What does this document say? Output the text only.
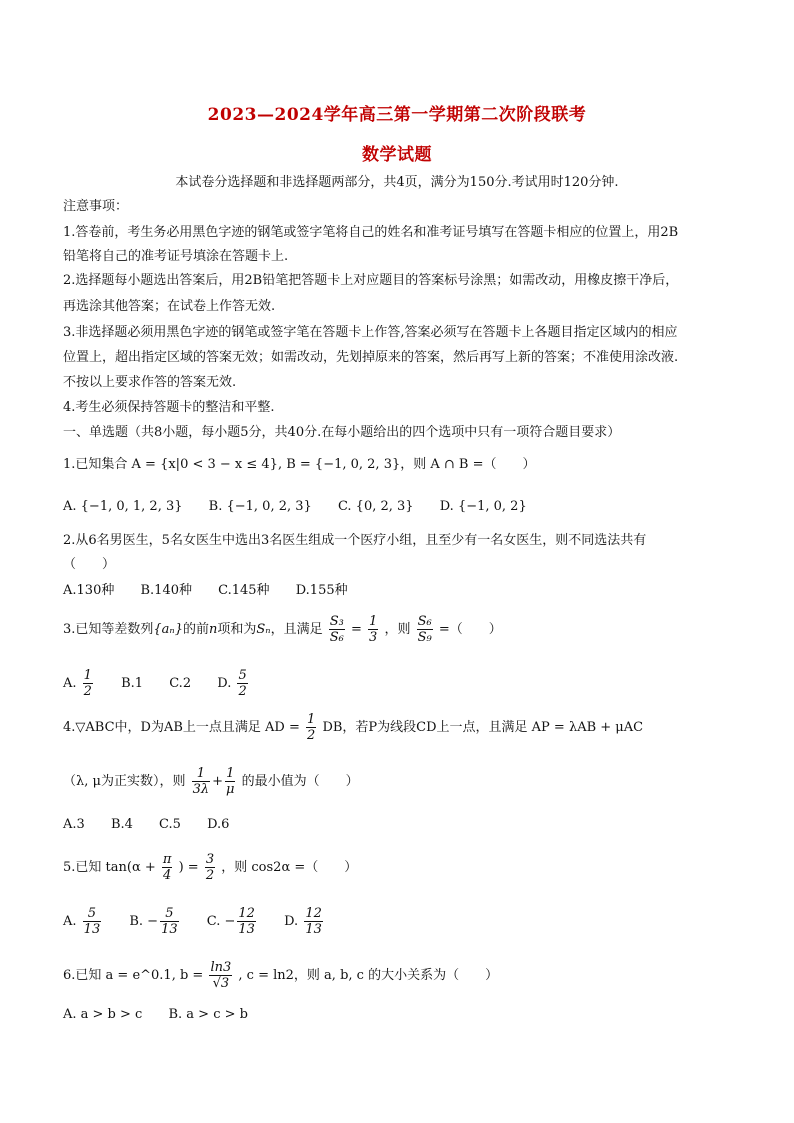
2023—2024学年高三第一学期第二次阶段联考
数学试题
本试卷分选择题和非选择题两部分，共4页，满分为150分.考试用时120分钟.
注意事项：
1.答卷前，考生务必用黑色字迹的钢笔或签字笔将自己的姓名和准考证号填写在答题卡相应的位置上，用2B
铅笔将自己的准考证号填涂在答题卡上.
2.选择题每小题选出答案后，用2B铅笔把答题卡上对应题目的答案标号涂黑；如需改动，用橡皮擦干净后，
再选涂其他答案；在试卷上作答无效.
3.非选择题必须用黑色字迹的钢笔或签字笔在答题卡上作答,答案必须写在答题卡上各题目指定区域内的相应
位置上，超出指定区域的答案无效；如需改动，先划掉原来的答案，然后再写上新的答案；不准使用涂改液.
不按以上要求作答的答案无效.
4.考生必须保持答题卡的整洁和平整.
一、单选题（共8小题，每小题5分，共40分.在每小题给出的四个选项中只有一项符合题目要求）
1.已知集合 A = {x|0 < 3 − x ≤ 4}, B = {−1, 0, 2, 3}，则 A ∩ B =（　　）
A. {−1, 0, 1, 2, 3} B. {−1, 0, 2, 3} C. {0, 2, 3} D. {−1, 0, 2}
2.从6名男医生，5名女医生中选出3名医生组成一个医疗小组，且至少有一名女医生，则不同选法共有
（　　）
A.130种 B.140种 C.145种 D.155种
3.已知等差数列{aₙ}的前n项和为Sₙ，且满足 $\frac{\text{S₃}}{\text{S₆}} = \frac{1}{3}$ ，则 $\frac{\text{S₆}}{\text{S₉}}$ =（　　）
A. $\frac{1}{2} B.1$ C.2 D. $\frac{5}{2}$
4.▽ABC中，D为AB上一点且满足 AD = $\frac{1}{2}$ DB，若P为线段CD上一点，且满足 AP = λAB + μAC
（λ, μ为正实数），则 $\frac{1}{3\lambda} + \frac{1}{\mu}$ 的最小值为（　　）
A.3 B.4 C.5 D.6
5.已知 $\tan(\alpha + \frac{\pi}{4}$ ) = $\frac{3}{2}$ ，则 cos2α =（　　）
A. $\frac{5}{13} B$. − $\frac{5}{13} C$. − $\frac{12}{13} D$. $\frac{12}{13}$
6.已知 a = e^0.1, $b = \frac{\ln 3}{√3}$ , c = ln2，则 a, b, c 的大小关系为（　　）
A. a > b > c B. a > c > b
